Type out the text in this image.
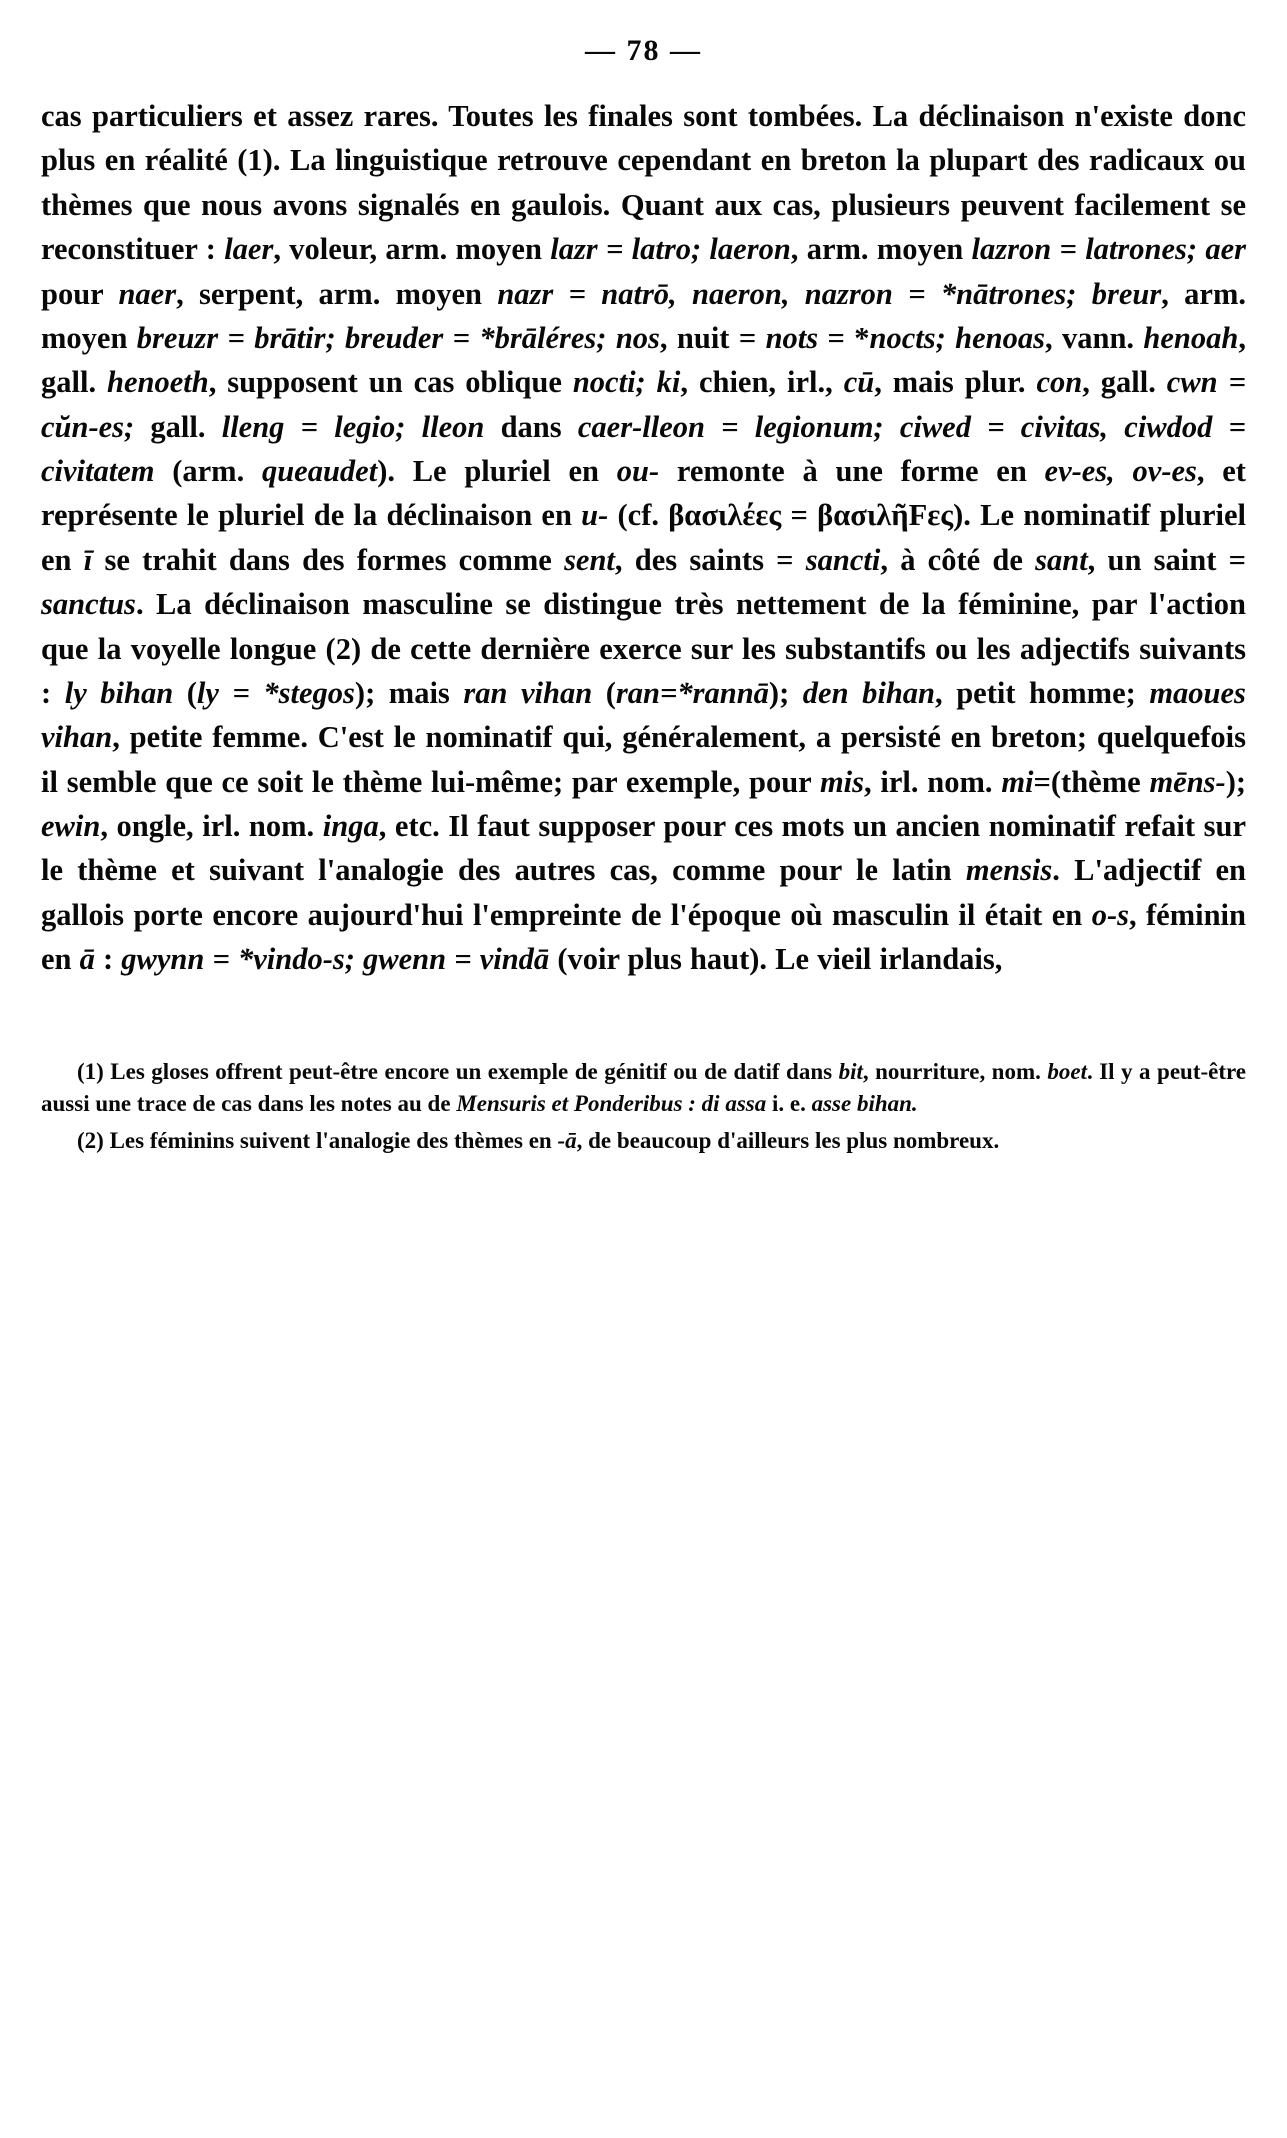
— 78 —

cas particuliers et assez rares. Toutes les finales sont tombées. La déclinaison n'existe donc plus en réalité (1). La linguistique retrouve cependant en breton la plupart des radicaux ou thèmes que nous avons signalés en gaulois. Quant aux cas, plusieurs peuvent facilement se reconstituer : laer, voleur, arm. moyen lazr = latro; laeron, arm. moyen lazron = latrones; aer pour naer, serpent, arm. moyen nazr = natrō, naeron, nazron = *nātrones; breur, arm. moyen breuzr = brātir; breuder = *brāléres; nos, nuit = nots = *nocts; henoas, vann. henoah, gall. henoeth, supposent un cas oblique nocti; ki, chien, irl., cū, mais plur. con, gall. cwn = cŭn-es; gall. lleng = legio; lleon dans caer-lleon = legionum; ciwed = civitas, ciwdod = civitatem (arm. queaudet). Le pluriel en ou- remonte à une forme en ev-es, ov-es, et représente le pluriel de la déclinaison en u- (cf. βασιλέες = βασιλῆFες). Le nominatif pluriel en ī se trahit dans des formes comme sent, des saints = sancti, à côté de sant, un saint = sanctus. La déclinaison masculine se distingue très nettement de la féminine, par l'action que la voyelle longue (2) de cette dernière exerce sur les substantifs ou les adjectifs suivants : ly bihan (ly = *stegos); mais ran vihan (ran=*rannā); den bihan, petit homme; maoues vihan, petite femme. C'est le nominatif qui, généralement, a persisté en breton; quelquefois il semble que ce soit le thème lui-même; par exemple, pour mis, irl. nom. mi=(thème mēns-); ewin, ongle, irl. nom. inga, etc. Il faut supposer pour ces mots un ancien nominatif refait sur le thème et suivant l'analogie des autres cas, comme pour le latin mensis. L'adjectif en gallois porte encore aujourd'hui l'empreinte de l'époque où masculin il était en o-s, féminin en ā : gwynn = *vindo-s; gwenn = vindā (voir plus haut). Le vieil irlandais,

(1) Les gloses offrent peut-être encore un exemple de génitif ou de datif dans bit, nourriture, nom. boet. Il y a peut-être aussi une trace de cas dans les notes au de Mensuris et Ponderibus : di assa i. e. asse bihan.

(2) Les féminins suivent l'analogie des thèmes en -ā, de beaucoup d'ailleurs les plus nombreux.
